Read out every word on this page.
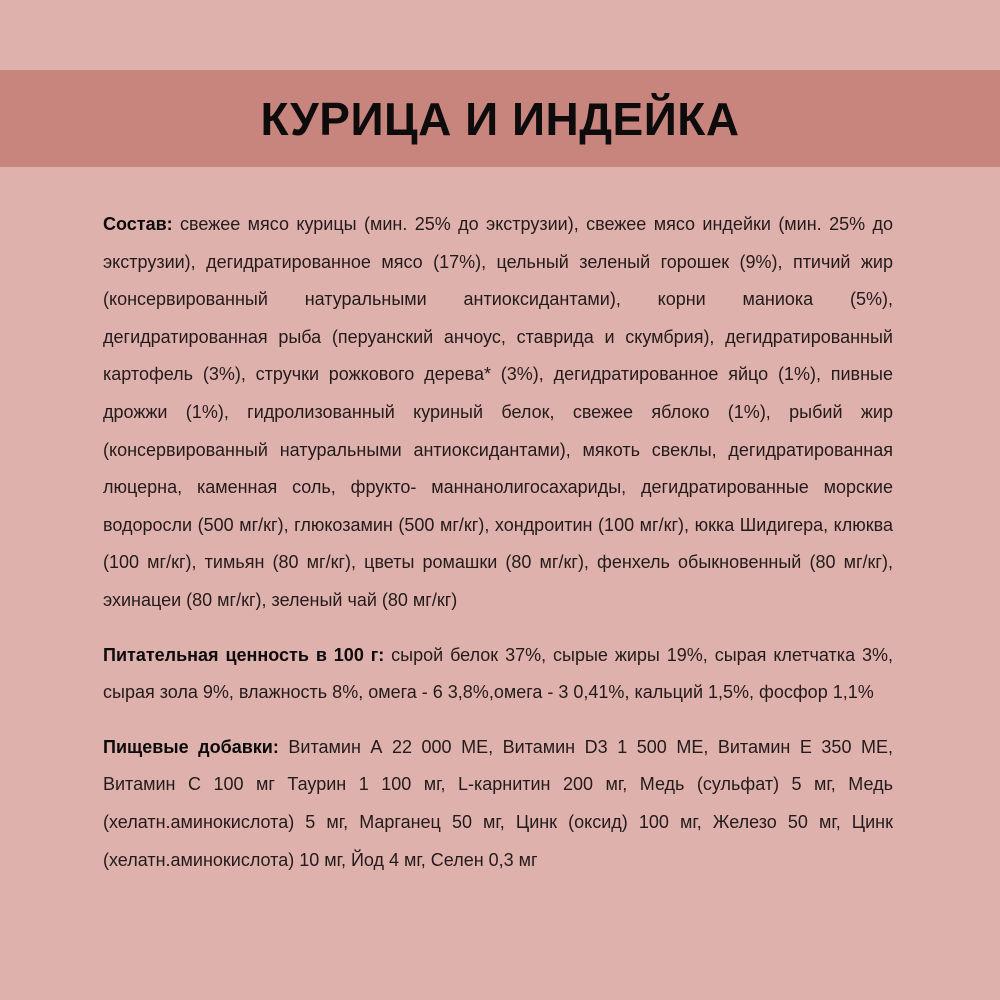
КУРИЦА И ИНДЕЙКА

Состав: свежее мясо курицы (мин. 25% до экструзии), свежее мясо индейки (мин. 25% до экструзии), дегидратированное мясо (17%), цельный зеленый горошек (9%), птичий жир (консервированный натуральными антиоксидантами), корни маниока (5%), дегидратированная рыба (перуанский анчоус, ставрида и скумбрия), дегидратированный картофель (3%), стручки рожкового дерева* (3%), дегидратированное яйцо (1%), пивные дрожжи (1%), гидролизованный куриный белок, свежее яблоко (1%), рыбий жир (консервированный натуральными антиоксидантами), мякоть свеклы, дегидратированная люцерна, каменная соль, фрукто- маннанолигосахариды, дегидратированные морские водоросли (500 мг/кг), глюкозамин (500 мг/кг), хондроитин (100 мг/кг), юкка Шидигера, клюква (100 мг/кг), тимьян (80 мг/кг), цветы ромашки (80 мг/кг), фенхель обыкновенный (80 мг/кг), эхинацеи (80 мг/кг), зеленый чай (80 мг/кг)

Питательная ценность в 100 г: сырой белок 37%, сырые жиры 19%, сырая клетчатка 3%, сырая зола 9%, влажность 8%, омега - 6 3,8%,омега - 3 0,41%, кальций 1,5%, фосфор 1,1%

Пищевые добавки: Витамин А 22 000 МЕ, Витамин D3 1 500 МЕ, Витамин Е 350 МЕ, Витамин С 100 мг Таурин 1 100 мг, L-карнитин 200 мг, Медь (сульфат) 5 мг, Медь (хелатн.аминокислота) 5 мг, Марганец 50 мг, Цинк (оксид) 100 мг, Железо 50 мг, Цинк (хелатн.аминокислота) 10 мг, Йод 4 мг, Селен 0,3 мг
